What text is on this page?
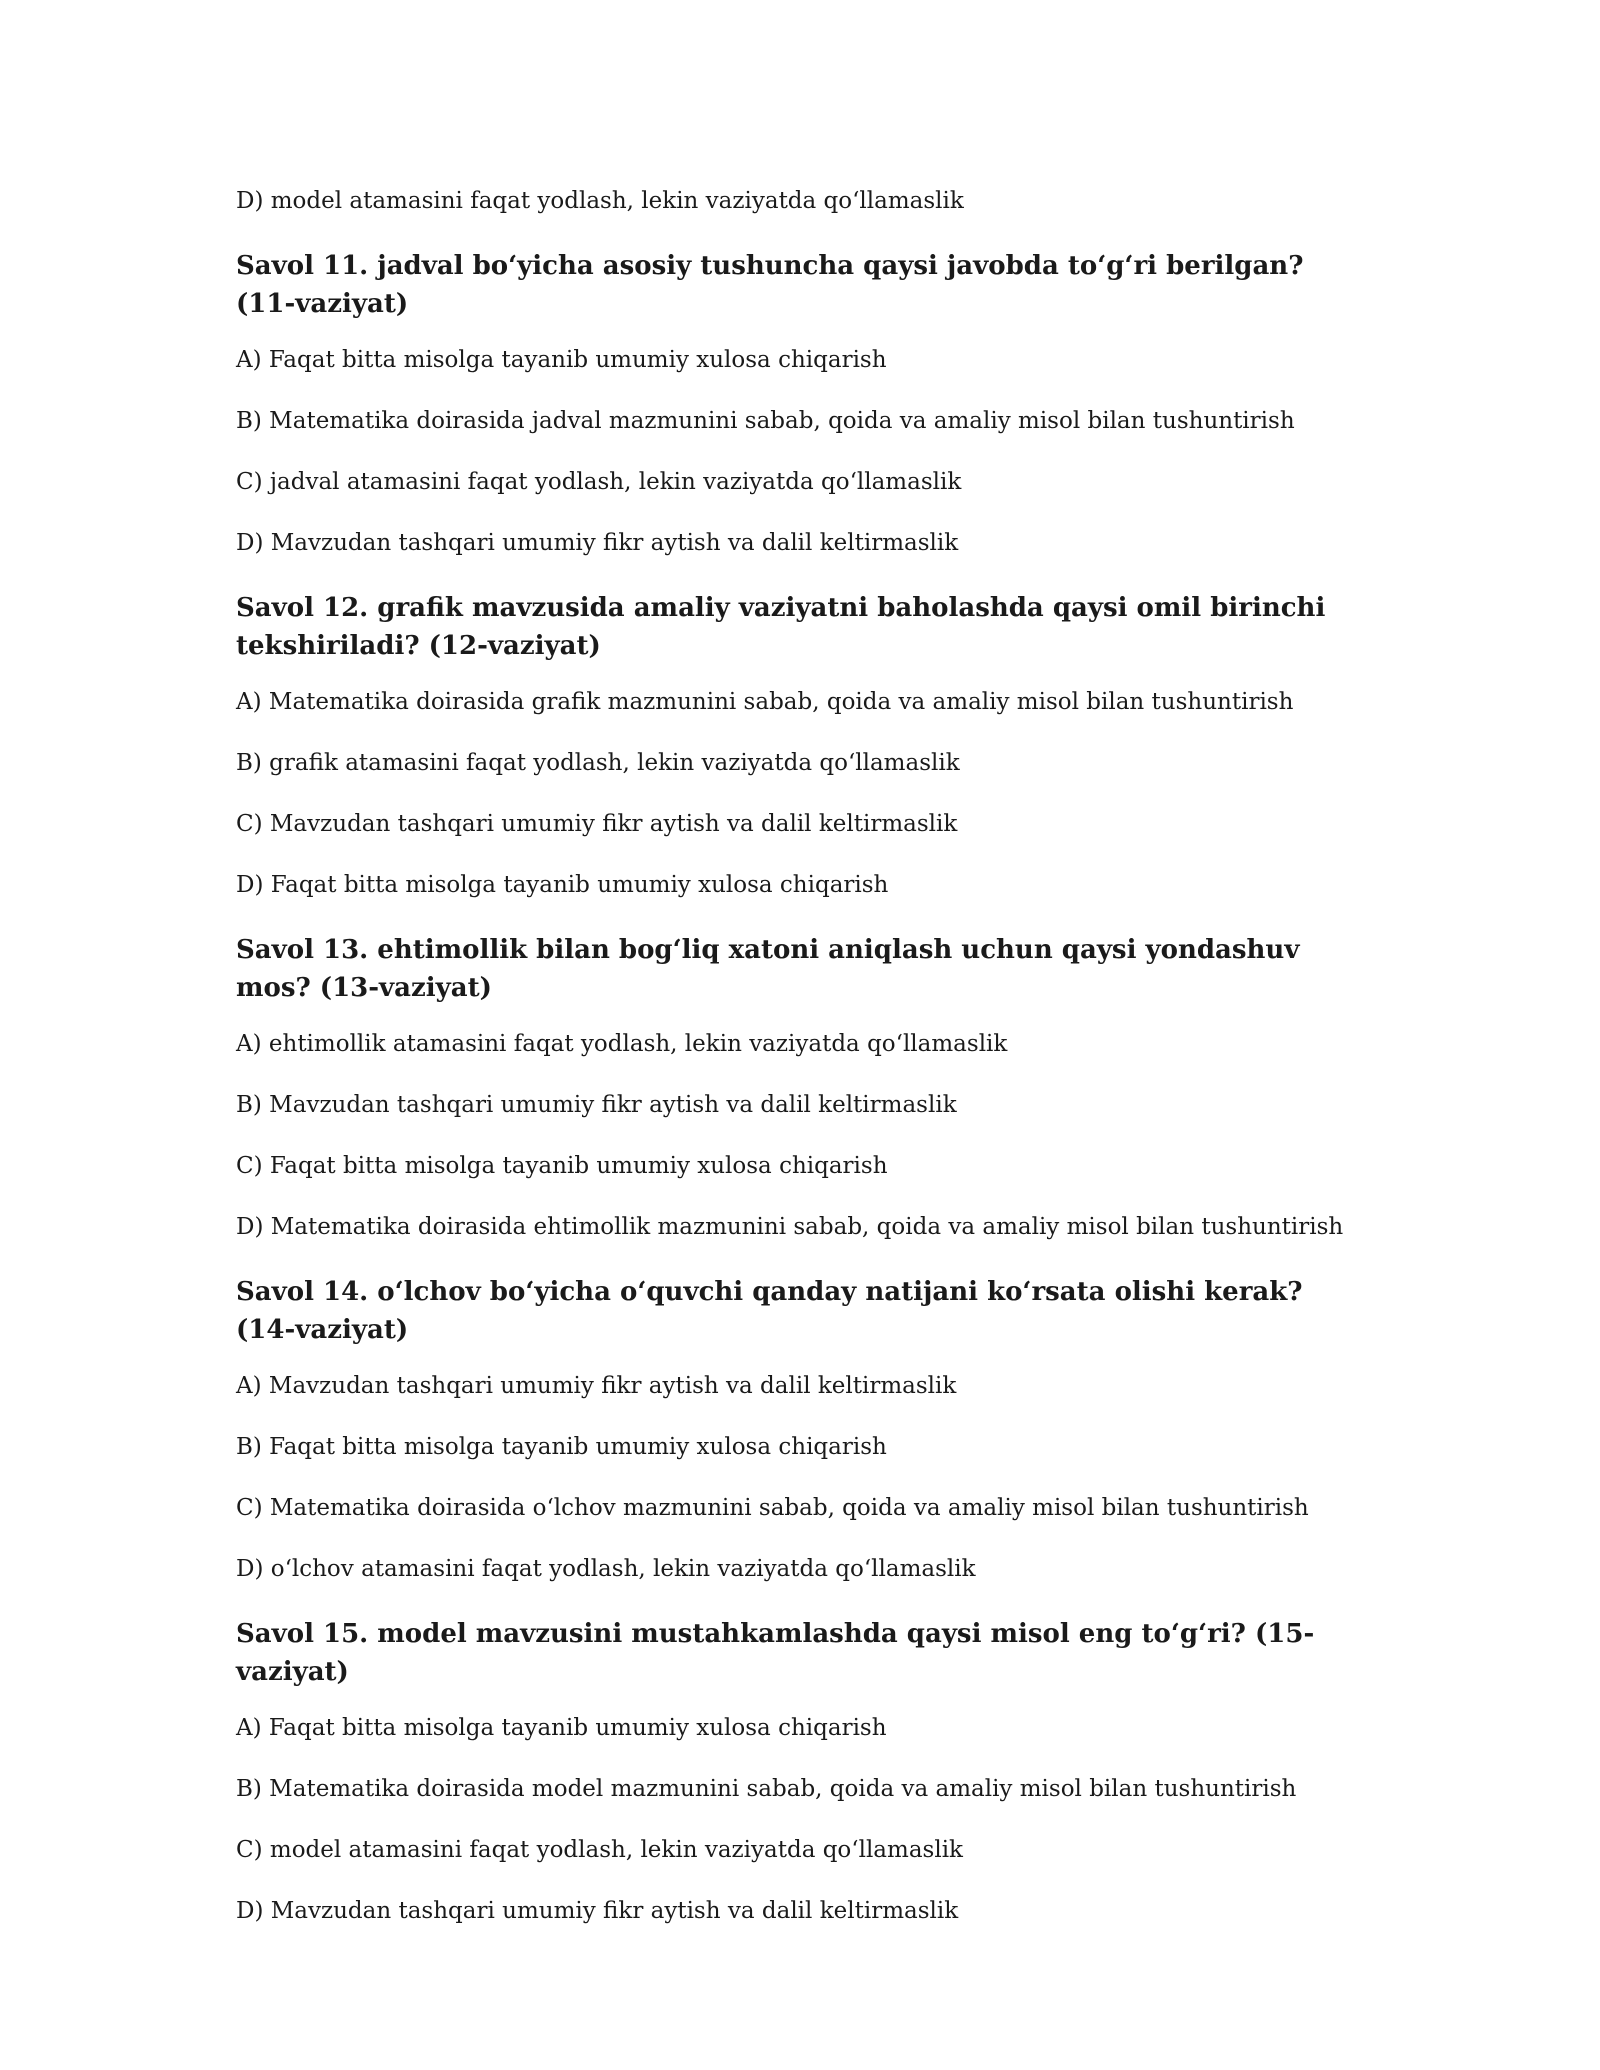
D) model atamasini faqat yodlash, lekin vaziyatda qo‘llamaslik
Savol 11. jadval bo‘yicha asosiy tushuncha qaysi javobda to‘g‘ri berilgan? (11-vaziyat)
A) Faqat bitta misolga tayanib umumiy xulosa chiqarish
B) Matematika doirasida jadval mazmunini sabab, qoida va amaliy misol bilan tushuntirish
C) jadval atamasini faqat yodlash, lekin vaziyatda qo‘llamaslik
D) Mavzudan tashqari umumiy fikr aytish va dalil keltirmaslik
Savol 12. grafik mavzusida amaliy vaziyatni baholashda qaysi omil birinchi tekshiriladi? (12-vaziyat)
A) Matematika doirasida grafik mazmunini sabab, qoida va amaliy misol bilan tushuntirish
B) grafik atamasini faqat yodlash, lekin vaziyatda qo‘llamaslik
C) Mavzudan tashqari umumiy fikr aytish va dalil keltirmaslik
D) Faqat bitta misolga tayanib umumiy xulosa chiqarish
Savol 13. ehtimollik bilan bog‘liq xatoni aniqlash uchun qaysi yondashuv mos? (13-vaziyat)
A) ehtimollik atamasini faqat yodlash, lekin vaziyatda qo‘llamaslik
B) Mavzudan tashqari umumiy fikr aytish va dalil keltirmaslik
C) Faqat bitta misolga tayanib umumiy xulosa chiqarish
D) Matematika doirasida ehtimollik mazmunini sabab, qoida va amaliy misol bilan tushuntirish
Savol 14. o‘lchov bo‘yicha o‘quvchi qanday natijani ko‘rsata olishi kerak? (14-vaziyat)
A) Mavzudan tashqari umumiy fikr aytish va dalil keltirmaslik
B) Faqat bitta misolga tayanib umumiy xulosa chiqarish
C) Matematika doirasida o‘lchov mazmunini sabab, qoida va amaliy misol bilan tushuntirish
D) o‘lchov atamasini faqat yodlash, lekin vaziyatda qo‘llamaslik
Savol 15. model mavzusini mustahkamlashda qaysi misol eng to‘g‘ri? (15-vaziyat)
A) Faqat bitta misolga tayanib umumiy xulosa chiqarish
B) Matematika doirasida model mazmunini sabab, qoida va amaliy misol bilan tushuntirish
C) model atamasini faqat yodlash, lekin vaziyatda qo‘llamaslik
D) Mavzudan tashqari umumiy fikr aytish va dalil keltirmaslik
